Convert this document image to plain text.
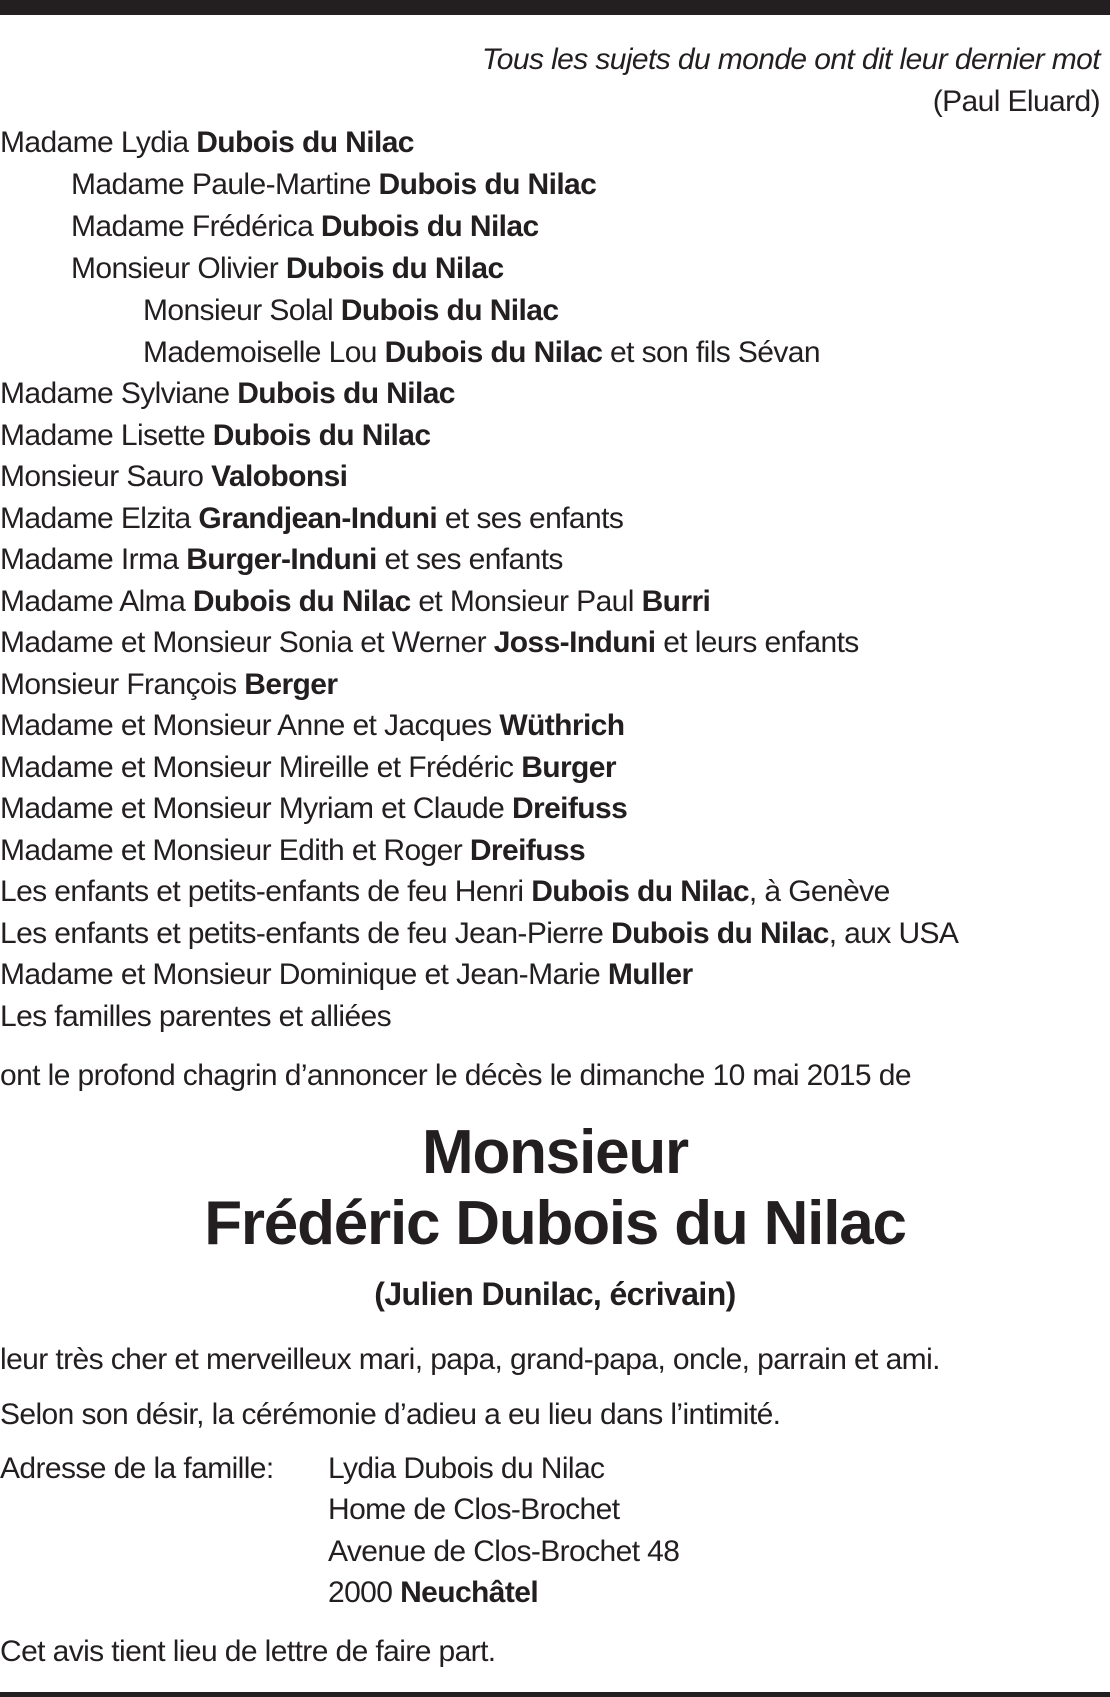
Tous les sujets du monde ont dit leur dernier mot
(Paul Eluard)
Madame Lydia Dubois du Nilac
Madame Paule-Martine Dubois du Nilac
Madame Frédérica Dubois du Nilac
Monsieur Olivier Dubois du Nilac
Monsieur Solal Dubois du Nilac
Mademoiselle Lou Dubois du Nilac et son fils Sévan
Madame Sylviane Dubois du Nilac
Madame Lisette Dubois du Nilac
Monsieur Sauro Valobonsi
Madame Elzita Grandjean-Induni et ses enfants
Madame Irma Burger-Induni et ses enfants
Madame Alma Dubois du Nilac et Monsieur Paul Burri
Madame et Monsieur Sonia et Werner Joss-Induni et leurs enfants
Monsieur François Berger
Madame et Monsieur Anne et Jacques Wüthrich
Madame et Monsieur Mireille et Frédéric Burger
Madame et Monsieur Myriam et Claude Dreifuss
Madame et Monsieur Edith et Roger Dreifuss
Les enfants et petits-enfants de feu Henri Dubois du Nilac, à Genève
Les enfants et petits-enfants de feu Jean-Pierre Dubois du Nilac, aux USA
Madame et Monsieur Dominique et Jean-Marie Muller
Les familles parentes et alliées
ont le profond chagrin d’annoncer le décès le dimanche 10 mai 2015 de
Monsieur
Frédéric Dubois du Nilac
(Julien Dunilac, écrivain)
leur très cher et merveilleux mari, papa, grand-papa, oncle, parrain et ami.
Selon son désir, la cérémonie d’adieu a eu lieu dans l’intimité.
Adresse de la famille: Lydia Dubois du Nilac
Home de Clos-Brochet
Avenue de Clos-Brochet 48
2000 Neuchâtel
Cet avis tient lieu de lettre de faire part.
